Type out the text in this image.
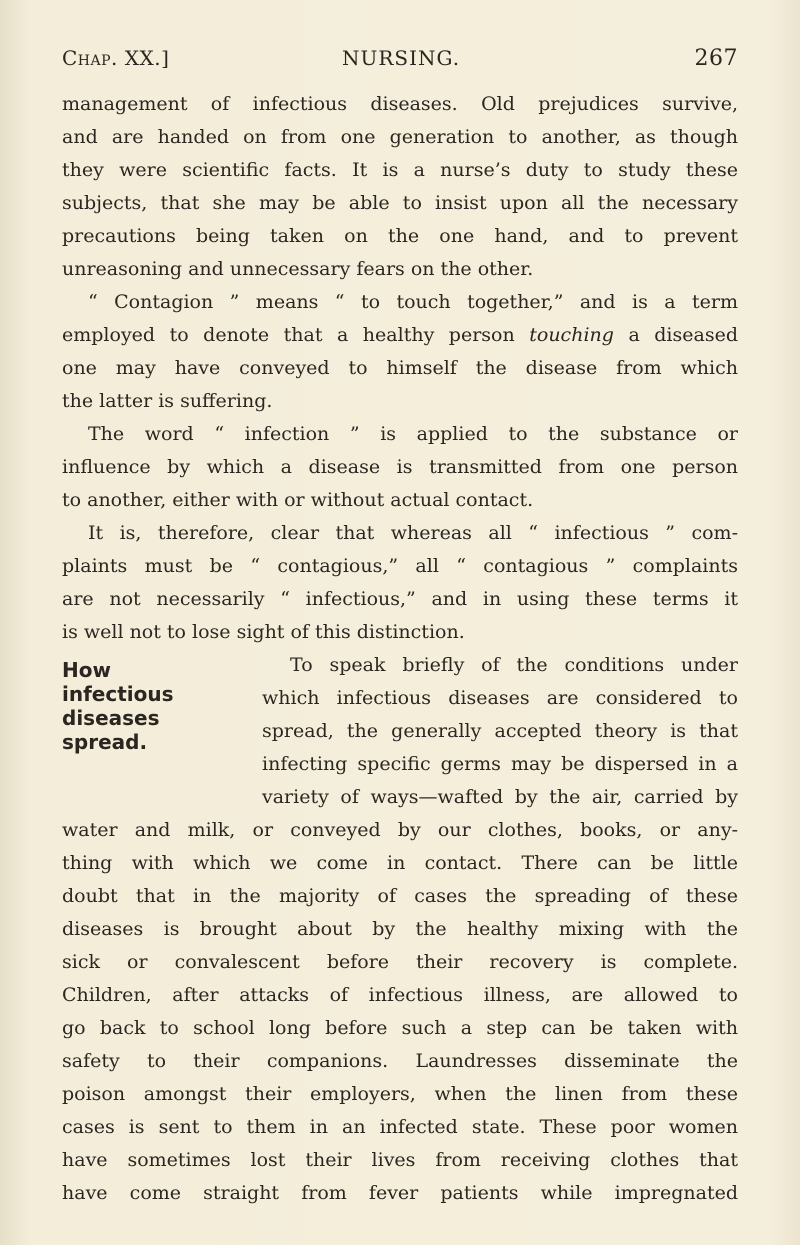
Chap. XX.]	NURSING.	267
management of infectious diseases. Old prejudices survive,
and are handed on from one generation to another, as though
they were scientific facts. It is a nurse’s duty to study these
subjects, that she may be able to insist upon all the necessary
precautions being taken on the one hand, and to prevent
unreasoning and unnecessary fears on the other.
“ Contagion ” means “ to touch together,” and is a term
employed to denote that a healthy person touching a diseased
one may have conveyed to himself the disease from which
the latter is suffering.
The word “ infection ” is applied to the substance or
influence by which a disease is transmitted from one person
to another, either with or without actual contact.
It is, therefore, clear that whereas all “ infectious ” com-
plaints must be “ contagious,” all “ contagious ” complaints
are not necessarily “ infectious,” and in using these terms it
is well not to lose sight of this distinction.
To speak briefly of the conditions under
which infectious diseases are considered to
spread, the generally accepted theory is that
infecting specific germs may be dispersed in a
variety of ways—wafted by the air, carried by
water and milk, or conveyed by our clothes, books, or any-
thing with which we come in contact. There can be little
doubt that in the majority of cases the spreading of these
diseases is brought about by the healthy mixing with the
sick or convalescent before their recovery is complete.
Children, after attacks of infectious illness, are allowed to
go back to school long before such a step can be taken with
safety to their companions. Laundresses disseminate the
poison amongst their employers, when the linen from these
cases is sent to them in an infected state. These poor women
have sometimes lost their lives from receiving clothes that
have come straight from fever patients while impregnated
How
infectious
diseases
spread.
